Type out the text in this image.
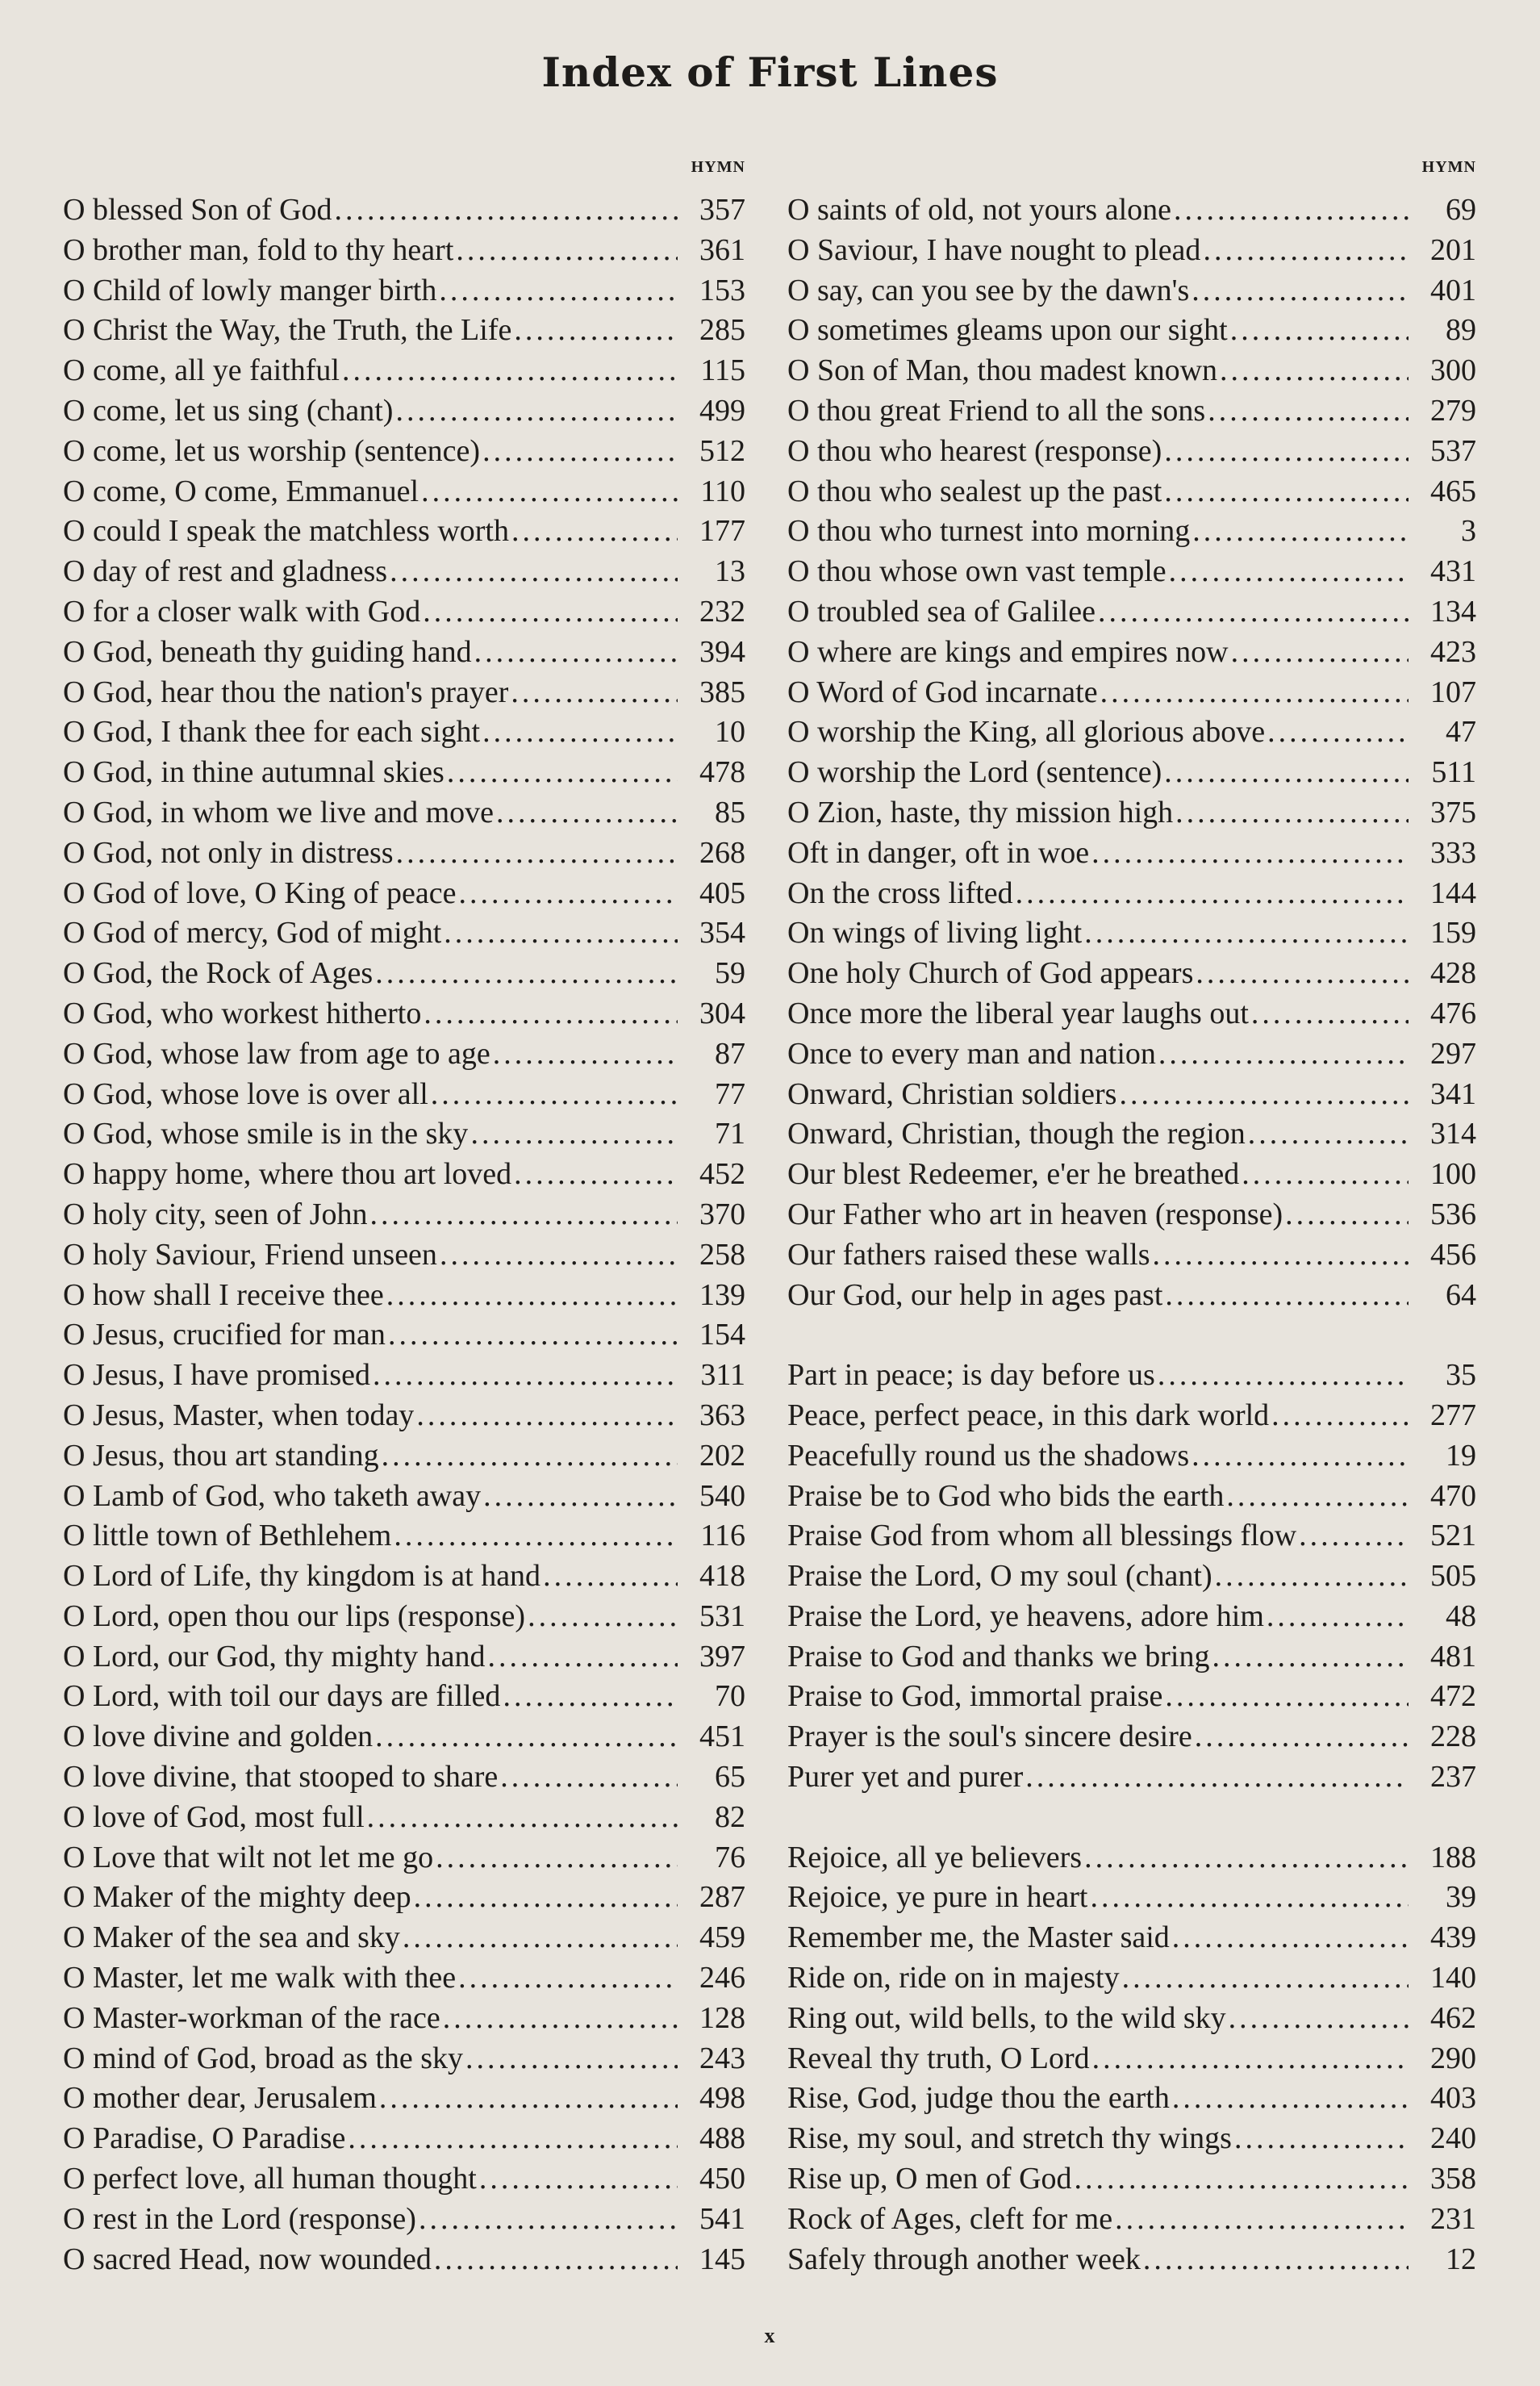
Index of First Lines
HYMN
O blessed Son of God .....	357
O brother man, fold to thy heart .....	361
O Child of lowly manger birth .....	153
O Christ the Way, the Truth, the Life .....	285
O come, all ye faithful .....	115
O come, let us sing (chant) .....	499
O come, let us worship (sentence) .....	512
O come, O come, Emmanuel .....	110
O could I speak the matchless worth .....	177
O day of rest and gladness .....	13
O for a closer walk with God .....	232
O God, beneath thy guiding hand .....	394
O God, hear thou the nation's prayer .....	385
O God, I thank thee for each sight .....	10
O God, in thine autumnal skies .....	478
O God, in whom we live and move .....	85
O God, not only in distress .....	268
O God of love, O King of peace .....	405
O God of mercy, God of might .....	354
O God, the Rock of Ages .....	59
O God, who workest hitherto .....	304
O God, whose law from age to age .....	87
O God, whose love is over all .....	77
O God, whose smile is in the sky .....	71
O happy home, where thou art loved .....	452
O holy city, seen of John .....	370
O holy Saviour, Friend unseen .....	258
O how shall I receive thee .....	139
O Jesus, crucified for man .....	154
O Jesus, I have promised .....	311
O Jesus, Master, when today .....	363
O Jesus, thou art standing .....	202
O Lamb of God, who taketh away .....	540
O little town of Bethlehem .....	116
O Lord of Life, thy kingdom is at hand .....	418
O Lord, open thou our lips (response) .....	531
O Lord, our God, thy mighty hand .....	397
O Lord, with toil our days are filled .....	70
O love divine and golden .....	451
O love divine, that stooped to share .....	65
O love of God, most full .....	82
O Love that wilt not let me go .....	76
O Maker of the mighty deep .....	287
O Maker of the sea and sky .....	459
O Master, let me walk with thee .....	246
O Master-workman of the race .....	128
O mind of God, broad as the sky .....	243
O mother dear, Jerusalem .....	498
O Paradise, O Paradise .....	488
O perfect love, all human thought .....	450
O rest in the Lord (response) .....	541
O sacred Head, now wounded .....	145
HYMN
O saints of old, not yours alone .....	69
O Saviour, I have nought to plead .....	201
O say, can you see by the dawn's .....	401
O sometimes gleams upon our sight .....	89
O Son of Man, thou madest known .....	300
O thou great Friend to all the sons .....	279
O thou who hearest (response) .....	537
O thou who sealest up the past .....	465
O thou who turnest into morning .....	3
O thou whose own vast temple .....	431
O troubled sea of Galilee .....	134
O where are kings and empires now .....	423
O Word of God incarnate .....	107
O worship the King, all glorious above .....	47
O worship the Lord (sentence) .....	511
O Zion, haste, thy mission high .....	375
Oft in danger, oft in woe .....	333
On the cross lifted .....	144
On wings of living light .....	159
One holy Church of God appears .....	428
Once more the liberal year laughs out .....	476
Once to every man and nation .....	297
Onward, Christian soldiers .....	341
Onward, Christian, though the region .....	314
Our blest Redeemer, e'er he breathed .....	100
Our Father who art in heaven (response) .....	536
Our fathers raised these walls .....	456
Our God, our help in ages past .....	64
Part in peace; is day before us .....	35
Peace, perfect peace, in this dark world .....	277
Peacefully round us the shadows .....	19
Praise be to God who bids the earth .....	470
Praise God from whom all blessings flow .....	521
Praise the Lord, O my soul (chant) .....	505
Praise the Lord, ye heavens, adore him .....	48
Praise to God and thanks we bring .....	481
Praise to God, immortal praise .....	472
Prayer is the soul's sincere desire .....	228
Purer yet and purer .....	237
Rejoice, all ye believers .....	188
Rejoice, ye pure in heart .....	39
Remember me, the Master said .....	439
Ride on, ride on in majesty .....	140
Ring out, wild bells, to the wild sky .....	462
Reveal thy truth, O Lord .....	290
Rise, God, judge thou the earth .....	403
Rise, my soul, and stretch thy wings .....	240
Rise up, O men of God .....	358
Rock of Ages, cleft for me .....	231
Safely through another week .....	12
x
